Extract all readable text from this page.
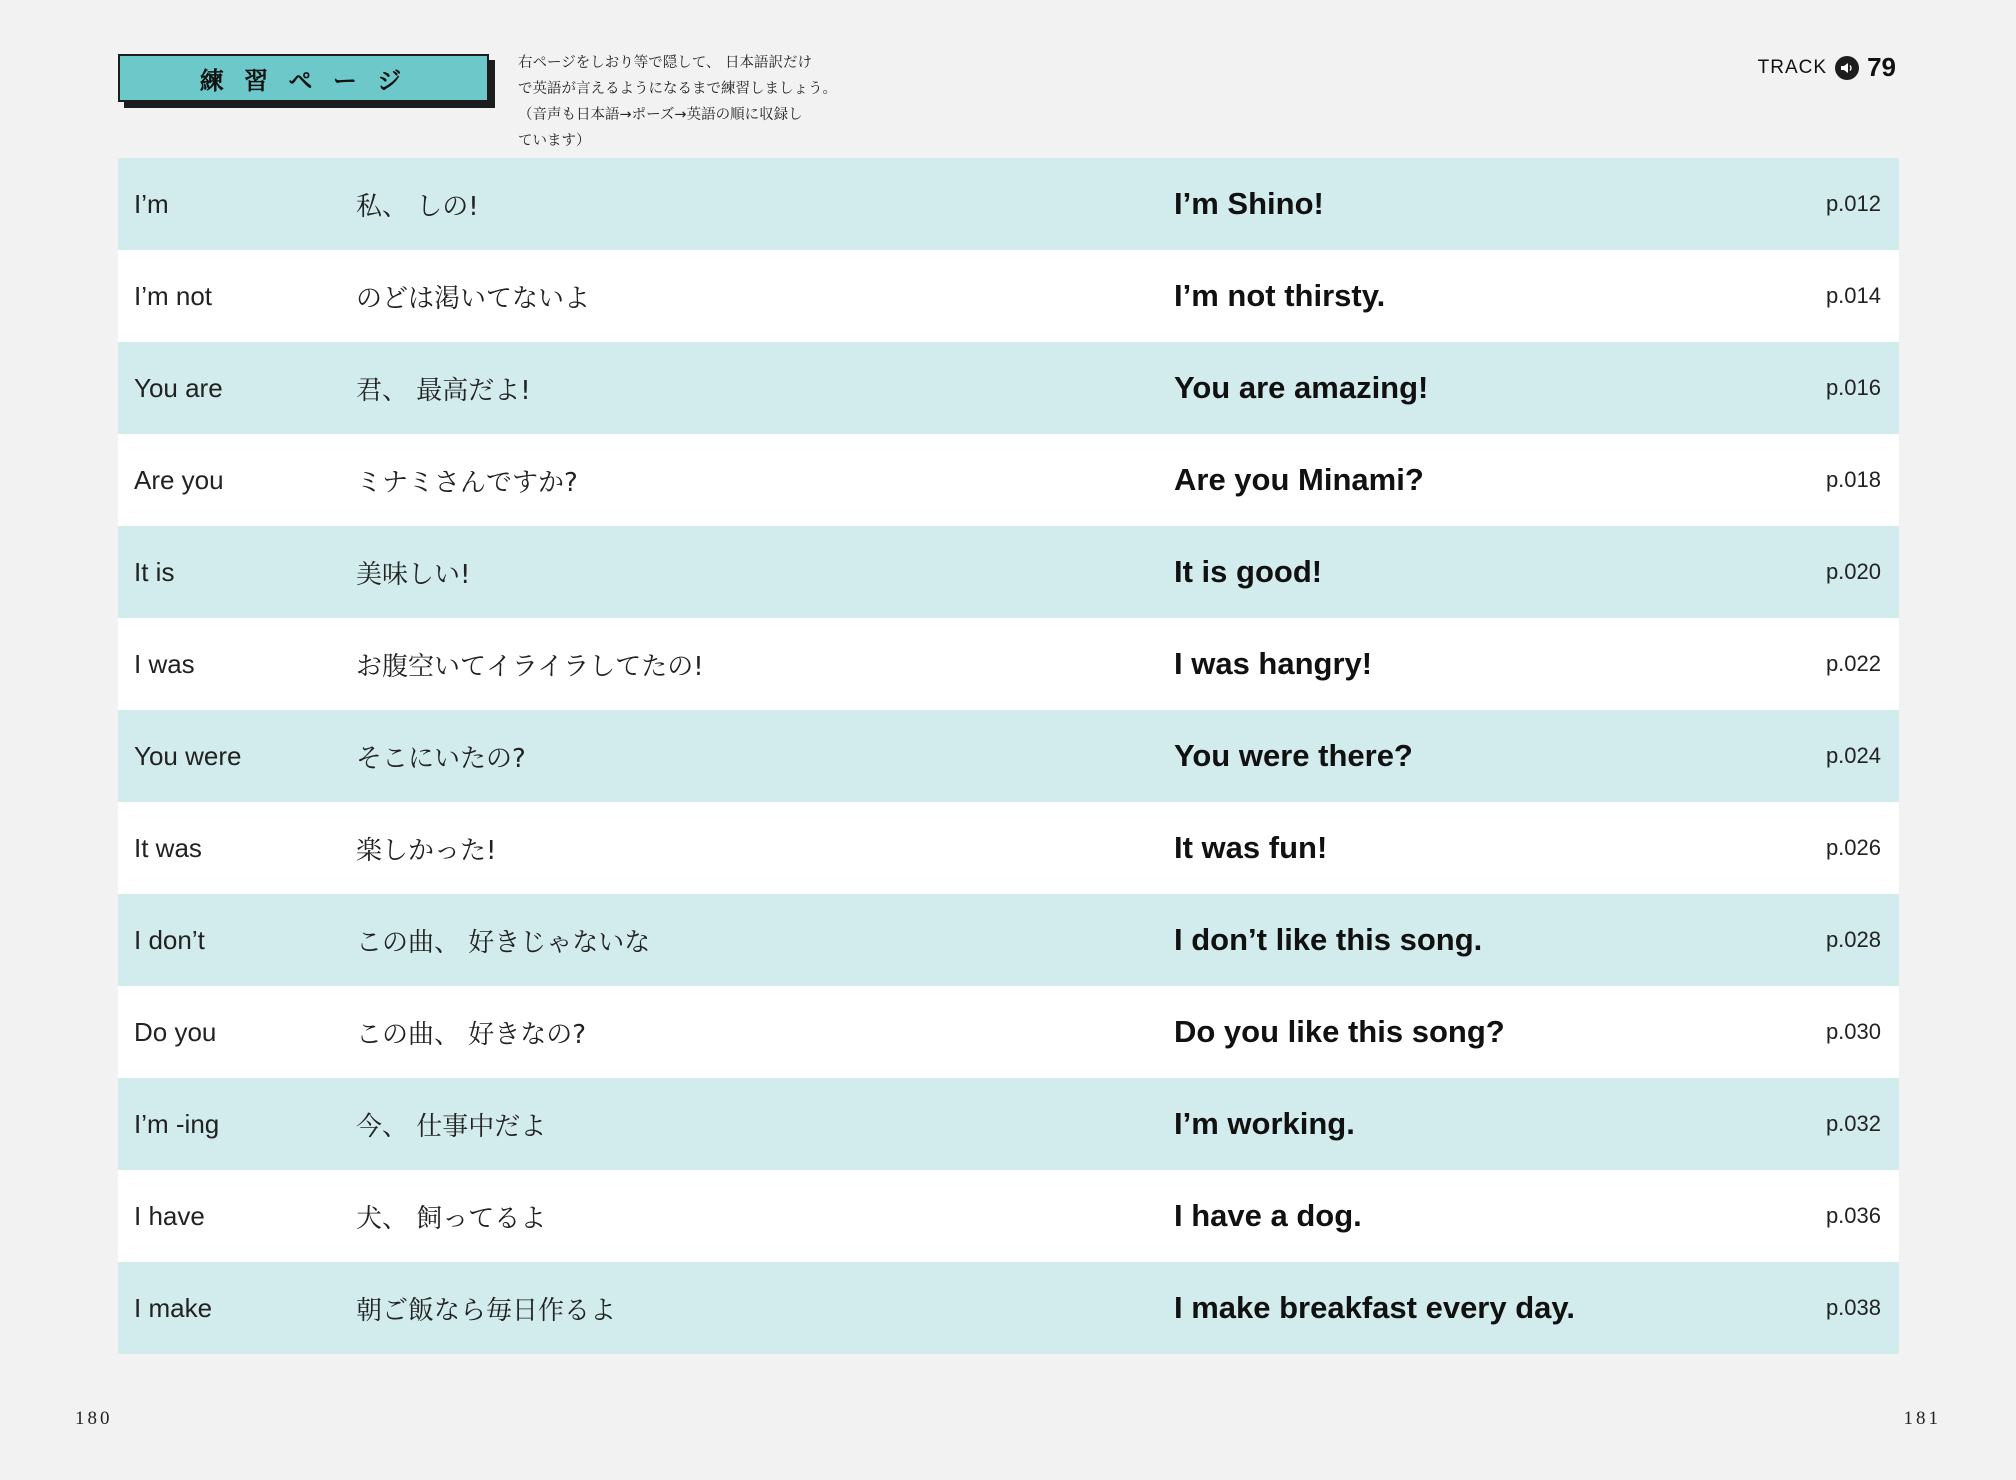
練 習 ペ ー ジ
右ページをしおり等で隠して、 日本語訳だけ
で英語が言えるようになるまで練習しましょう。
（音声も日本語→ポーズ→英語の順に収録し
ています）
TRACK 79
I’m	私、 しの!	I’m Shino!	p.012
I’m not	のどは渇いてないよ	I’m not thirsty.	p.014
You are	君、 最高だよ!	You are amazing!	p.016
Are you	ミナミさんですか?	Are you Minami?	p.018
It is	美味しい!	It is good!	p.020
I was	お腹空いてイライラしてたの!	I was hangry!	p.022
You were	そこにいたの?	You were there?	p.024
It was	楽しかった!	It was fun!	p.026
I don’t	この曲、 好きじゃないな	I don’t like this song.	p.028
Do you	この曲、 好きなの?	Do you like this song?	p.030
I’m -ing	今、 仕事中だよ	I’m working.	p.032
I have	犬、 飼ってるよ	I have a dog.	p.036
I make	朝ご飯なら毎日作るよ	I make breakfast every day.	p.038
180	181
